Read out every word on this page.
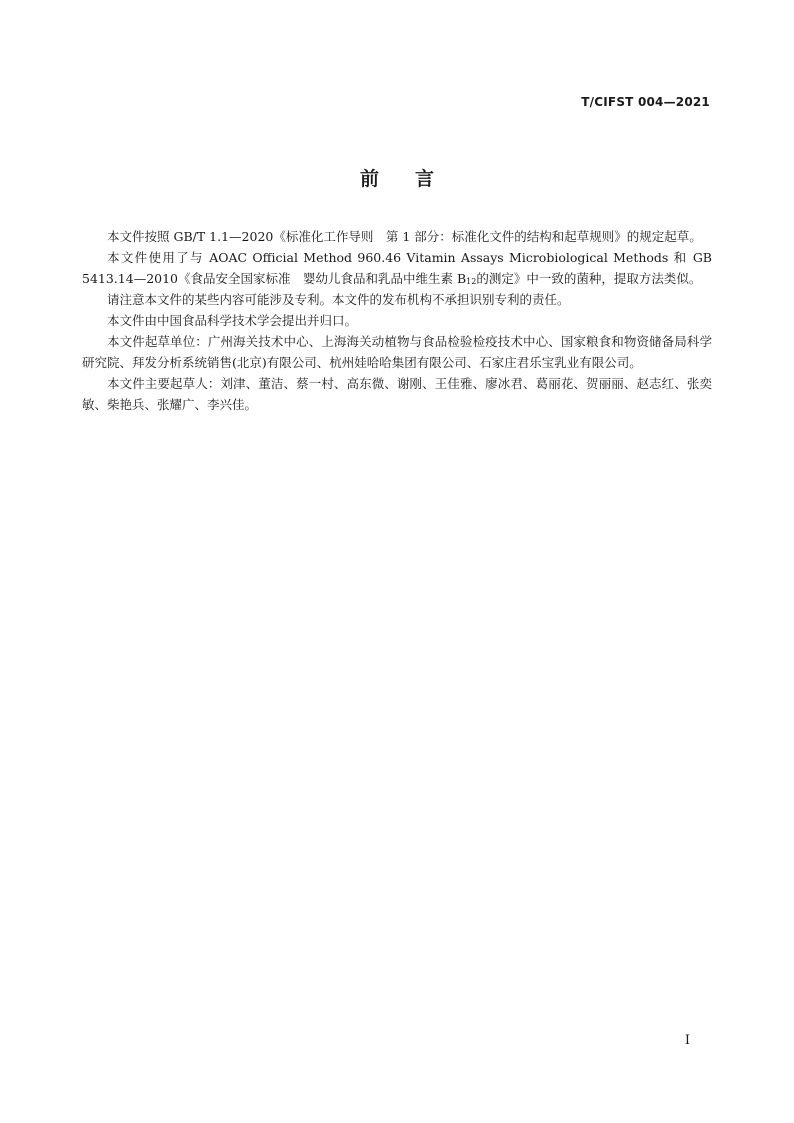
T/CIFST 004—2021
前言

本文件按照 GB/T 1.1—2020《标准化工作导则　第 1 部分：标准化文件的结构和起草规则》的规定起草。

本文件使用了与 AOAC Official Method 960.46 Vitamin Assays Microbiological Methods 和 GB 5413.14—2010《食品安全国家标准　婴幼儿食品和乳品中维生素 $B_{12}$的测定》中一致的菌种，提取方法类似。

请注意本文件的某些内容可能涉及专利。本文件的发布机构不承担识别专利的责任。

本文件由中国食品科学技术学会提出并归口。

本文件起草单位：广州海关技术中心、上海海关动植物与食品检验检疫技术中心、国家粮食和物资储备局科学研究院、拜发分析系统销售(北京)有限公司、杭州娃哈哈集团有限公司、石家庄君乐宝乳业有限公司。

本文件主要起草人：刘津、董洁、蔡一村、高东微、谢刚、王佳雅、廖冰君、葛丽花、贺丽丽、赵志红、张奕敏、柴艳兵、张耀广、李兴佳。

I
